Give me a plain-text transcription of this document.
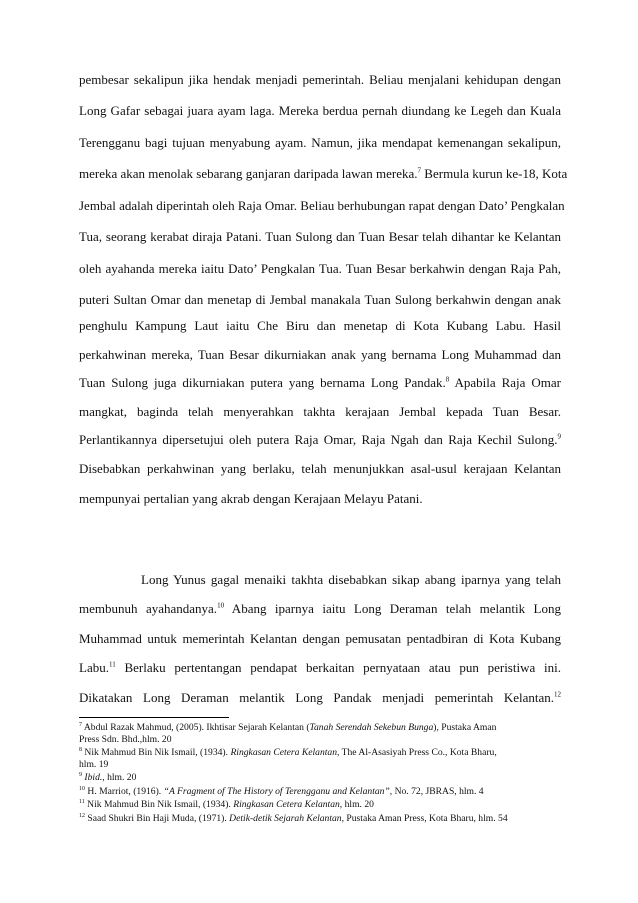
pembesar sekalipun jika hendak menjadi pemerintah. Beliau menjalani kehidupan dengan
Long Gafar sebagai juara ayam laga. Mereka berdua pernah diundang ke Legeh dan Kuala
Terengganu bagi tujuan menyabung ayam. Namun, jika mendapat kemenangan sekalipun,
mereka akan menolak sebarang ganjaran daripada lawan mereka.$^7$ Bermula kurun ke-18, Kota
Jembal adalah diperintah oleh Raja Omar. Beliau berhubungan rapat dengan Dato’ Pengkalan
Tua, seorang kerabat diraja Patani. Tuan Sulong dan Tuan Besar telah dihantar ke Kelantan
oleh ayahanda mereka iaitu Dato’ Pengkalan Tua. Tuan Besar berkahwin dengan Raja Pah,
puteri Sultan Omar dan menetap di Jembal manakala Tuan Sulong berkahwin dengan anak
penghulu Kampung Laut iaitu Che Biru dan menetap di Kota Kubang Labu. Hasil
perkahwinan mereka, Tuan Besar dikurniakan anak yang bernama Long Muhammad dan
Tuan Sulong juga dikurniakan putera yang bernama Long Pandak.$^8$ Apabila Raja Omar
mangkat, baginda telah menyerahkan takhta kerajaan Jembal kepada Tuan Besar.
Perlantikannya dipersetujui oleh putera Raja Omar, Raja Ngah dan Raja Kechil Sulong.$^9$
Disebabkan perkahwinan yang berlaku, telah menunjukkan asal-usul kerajaan Kelantan
mempunyai pertalian yang akrab dengan Kerajaan Melayu Patani.
Long Yunus gagal menaiki takhta disebabkan sikap abang iparnya yang telah
membunuh ayahandanya.$^{10}$ Abang iparnya iaitu Long Deraman telah melantik Long
Muhammad untuk memerintah Kelantan dengan pemusatan pentadbiran di Kota Kubang
Labu.$^{11}$ Berlaku pertentangan pendapat berkaitan pernyataan atau pun peristiwa ini.
Dikatakan Long Deraman melantik Long Pandak menjadi pemerintah Kelantan.$^{12}$
$^7$ Abdul Razak Mahmud, (2005). Ikhtisar Sejarah Kelantan (Tanah Serendah Sekebun Bunga), Pustaka Aman
Press Sdn. Bhd.,hlm. 20
$^8$ Nik Mahmud Bin Nik Ismail, (1934). Ringkasan Cetera Kelantan, The Al-Asasiyah Press Co., Kota Bharu,
hlm. 19
$^9$ Ibid., hlm. 20
$^{10}$ H. Marriot, (1916). “A Fragment of The History of Terengganu and Kelantan”, No. 72, JBRAS, hlm. 4
$^{11}$ Nik Mahmud Bin Nik Ismail, (1934). Ringkasan Cetera Kelantan, hlm. 20
$^{12}$ Saad Shukri Bin Haji Muda, (1971). Detik-detik Sejarah Kelantan, Pustaka Aman Press, Kota Bharu, hlm. 54
